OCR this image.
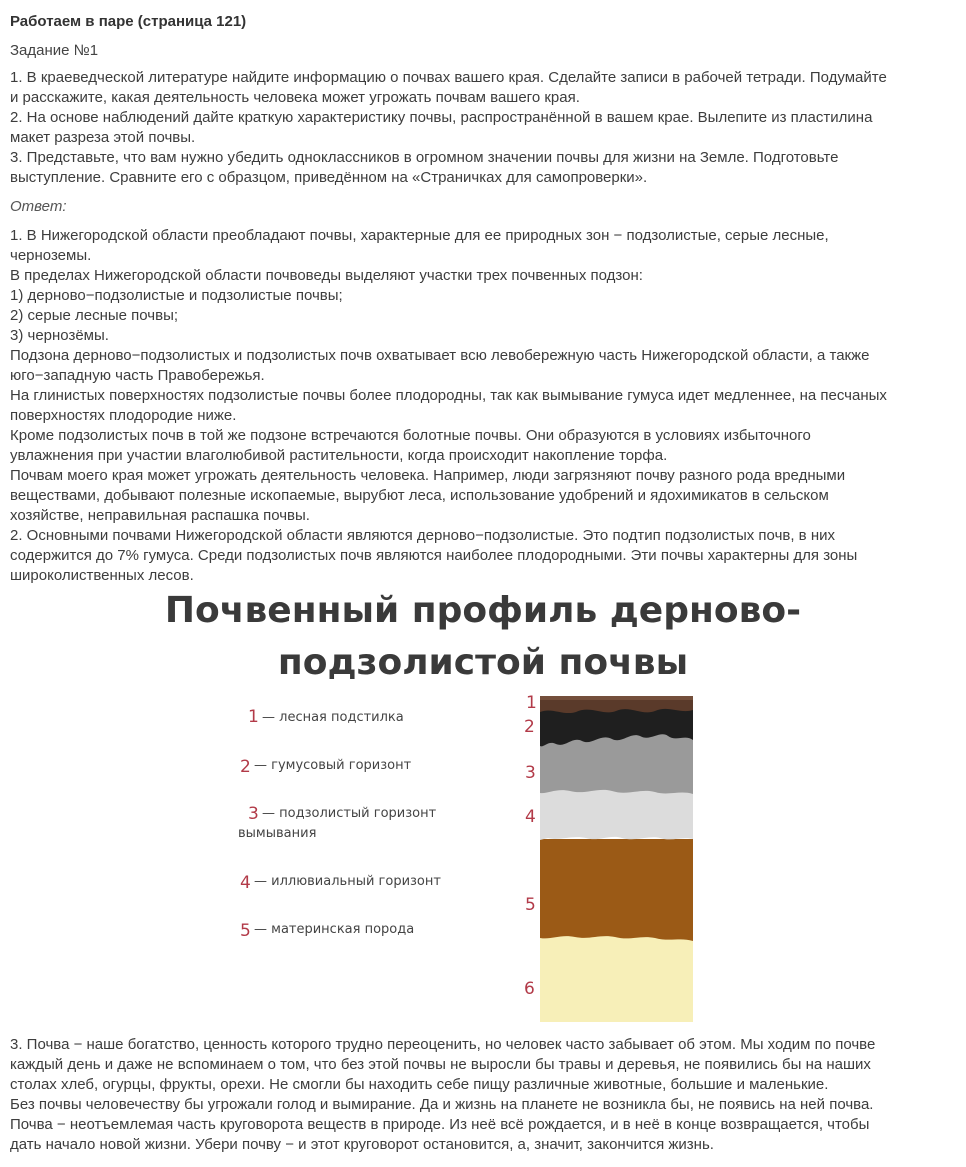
Работаем в паре (страница 121)
Задание №1
1. В краеведческой литературе найдите информацию о почвах вашего края. Сделайте записи в рабочей тетради. Подумайте
и расскажите, какая деятельность человека может угрожать почвам вашего края.
2. На основе наблюдений дайте краткую характеристику почвы, распространённой в вашем крае. Вылепите из пластилина
макет разреза этой почвы.
3. Представьте, что вам нужно убедить одноклассников в огромном значении почвы для жизни на Земле. Подготовьте
выступление. Сравните его с образцом, приведённом на «Страничках для самопроверки».
Ответ:
1. В Нижегородской области преобладают почвы, характерные для ее природных зон − подзолистые, серые лесные,
черноземы.
В пределах Нижегородской области почвоведы выделяют участки трех почвенных подзон:
1) дерново−подзолистые и подзолистые почвы;
2) серые лесные почвы;
3) чернозёмы.
Подзона дерново−подзолистых и подзолистых почв охватывает всю левобережную часть Нижегородской области, а также
юго−западную часть Правобережья.
На глинистых поверхностях подзолистые почвы более плодородны, так как вымывание гумуса идет медленнее, на песчаных
поверхностях плодородие ниже.
Кроме подзолистых почв в той же подзоне встречаются болотные почвы. Они образуются в условиях избыточного
увлажнения при участии влаголюбивой растительности, когда происходит накопление торфа.
Почвам моего края может угрожать деятельность человека. Например, люди загрязняют почву разного рода вредными
веществами, добывают полезные ископаемые, вырубют леса, использование удобрений и ядохимикатов в сельском
хозяйстве, неправильная распашка почвы.
2. Основными почвами Нижегородской области являются дерново−подзолистые. Это подтип подзолистых почв, в них
содержится до 7% гумуса. Среди подзолистых почв являются наиболее плодородными. Эти почвы характерны для зоны
широколиственных лесов.
Почвенный профиль дерново-
подзолистой почвы
1 — лесная подстилка
2 — гумусовый горизонт
3 — подзолистый горизонт
вымывания
4 — иллювиальный горизонт
5 — материнская порода
1
2
3
4
5
6
3. Почва − наше богатство, ценность которого трудно переоценить, но человек часто забывает об этом. Мы ходим по почве
каждый день и даже не вспоминаем о том, что без этой почвы не выросли бы травы и деревья, не появились бы на наших
столах хлеб, огурцы, фрукты, орехи. Не смогли бы находить себе пищу различные животные, большие и маленькие.
Без почвы человечеству бы угрожали голод и вымирание. Да и жизнь на планете не возникла бы, не появись на ней почва.
Почва − неотъемлемая часть круговорота веществ в природе. Из неё всё рождается, и в неё в конце возвращается, чтобы
дать начало новой жизни. Убери почву − и этот круговорот остановится, а, значит, закончится жизнь.
